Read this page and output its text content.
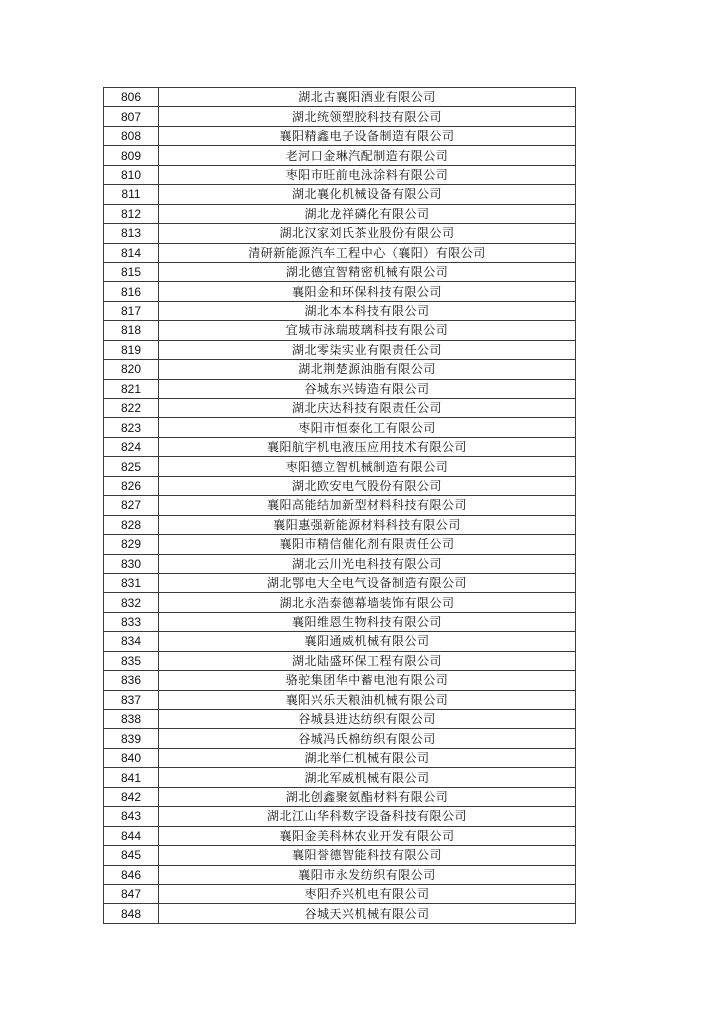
806	湖北古襄阳酒业有限公司
807	湖北统领塑胶科技有限公司
808	襄阳精鑫电子设备制造有限公司
809	老河口金琳汽配制造有限公司
810	枣阳市旺前电泳涂料有限公司
811	湖北襄化机械设备有限公司
812	湖北龙祥磷化有限公司
813	湖北汉家刘氏茶业股份有限公司
814	清研新能源汽车工程中心（襄阳）有限公司
815	湖北德宜智精密机械有限公司
816	襄阳金和环保科技有限公司
817	湖北本本科技有限公司
818	宜城市泳瑞玻璃科技有限公司
819	湖北零柒实业有限责任公司
820	湖北荆楚源油脂有限公司
821	谷城东兴铸造有限公司
822	湖北庆达科技有限责任公司
823	枣阳市恒泰化工有限公司
824	襄阳航宇机电液压应用技术有限公司
825	枣阳德立智机械制造有限公司
826	湖北欧安电气股份有限公司
827	襄阳高能结加新型材料科技有限公司
828	襄阳惠强新能源材料科技有限公司
829	襄阳市精信催化剂有限责任公司
830	湖北云川光电科技有限公司
831	湖北鄂电大全电气设备制造有限公司
832	湖北永浩泰德幕墙装饰有限公司
833	襄阳维恩生物科技有限公司
834	襄阳通威机械有限公司
835	湖北陆盛环保工程有限公司
836	骆驼集团华中蓄电池有限公司
837	襄阳兴乐天粮油机械有限公司
838	谷城县进达纺织有限公司
839	谷城冯氏棉纺织有限公司
840	湖北举仁机械有限公司
841	湖北军威机械有限公司
842	湖北创鑫聚氨酯材料有限公司
843	湖北江山华科数字设备科技有限公司
844	襄阳金美科林农业开发有限公司
845	襄阳誉德智能科技有限公司
846	襄阳市永发纺织有限公司
847	枣阳乔兴机电有限公司
848	谷城天兴机械有限公司
